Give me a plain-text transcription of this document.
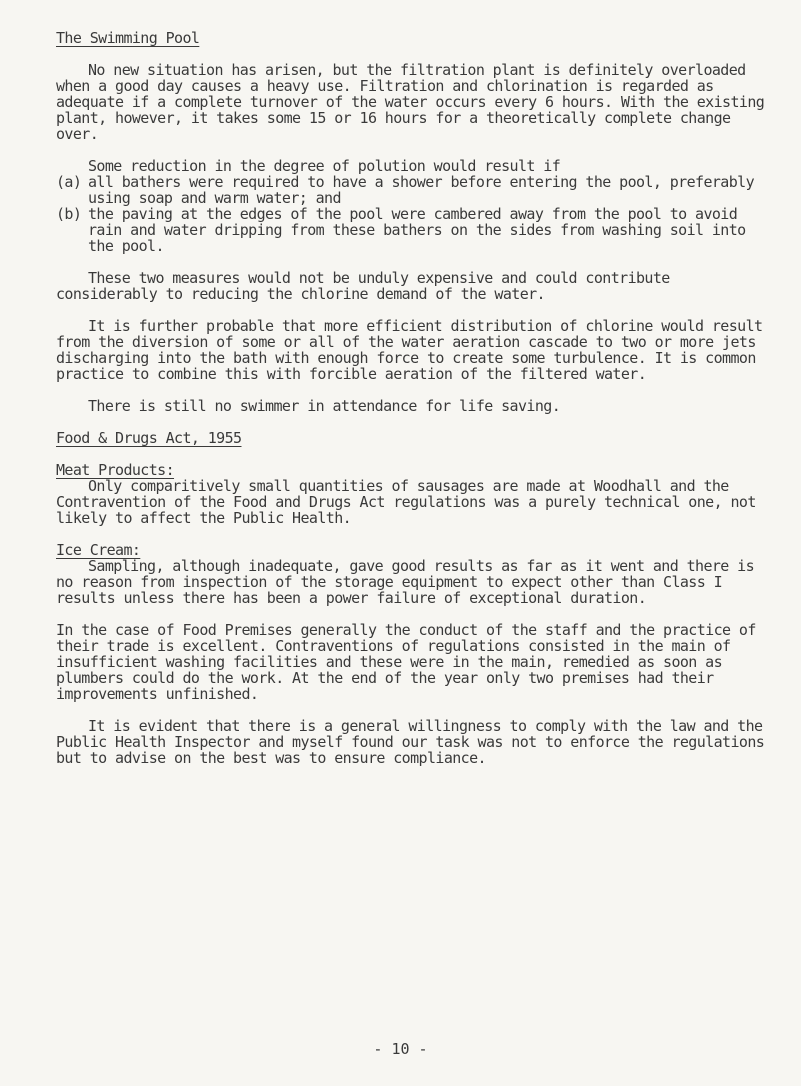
The Swimming Pool

No new situation has arisen, but the filtration plant is definitely overloaded when a good day causes a heavy use. Filtration and chlorination is regarded as adequate if a complete turnover of the water occurs every 6 hours. With the existing plant, however, it takes some 15 or 16 hours for a theoretically complete change over.

Some reduction in the degree of polution would result if
(a) all bathers were required to have a shower before entering the pool, preferably using soap and warm water; and
(b) the paving at the edges of the pool were cambered away from the pool to avoid rain and water dripping from these bathers on the sides from washing soil into the pool.

These two measures would not be unduly expensive and could contribute considerably to reducing the chlorine demand of the water.

It is further probable that more efficient distribution of chlorine would result from the diversion of some or all of the water aeration cascade to two or more jets discharging into the bath with enough force to create some turbulence. It is common practice to combine this with forcible aeration of the filtered water.

There is still no swimmer in attendance for life saving.

Food & Drugs Act, 1955
Meat Products:
Only comparitively small quantities of sausages are made at Woodhall and the Contravention of the Food and Drugs Act regulations was a purely technical one, not likely to affect the Public Health.
Ice Cream:
Sampling, although inadequate, gave good results as far as it went and there is no reason from inspection of the storage equipment to expect other than Class I results unless there has been a power failure of exceptional duration.

In the case of Food Premises generally the conduct of the staff and the practice of their trade is excellent. Contraventions of regulations consisted in the main of insufficient washing facilities and these were in the main, remedied as soon as plumbers could do the work. At the end of the year only two premises had their improvements unfinished.

It is evident that there is a general willingness to comply with the law and the Public Health Inspector and myself found our task was not to enforce the regulations but to advise on the best was to ensure compliance.

- 10 -
